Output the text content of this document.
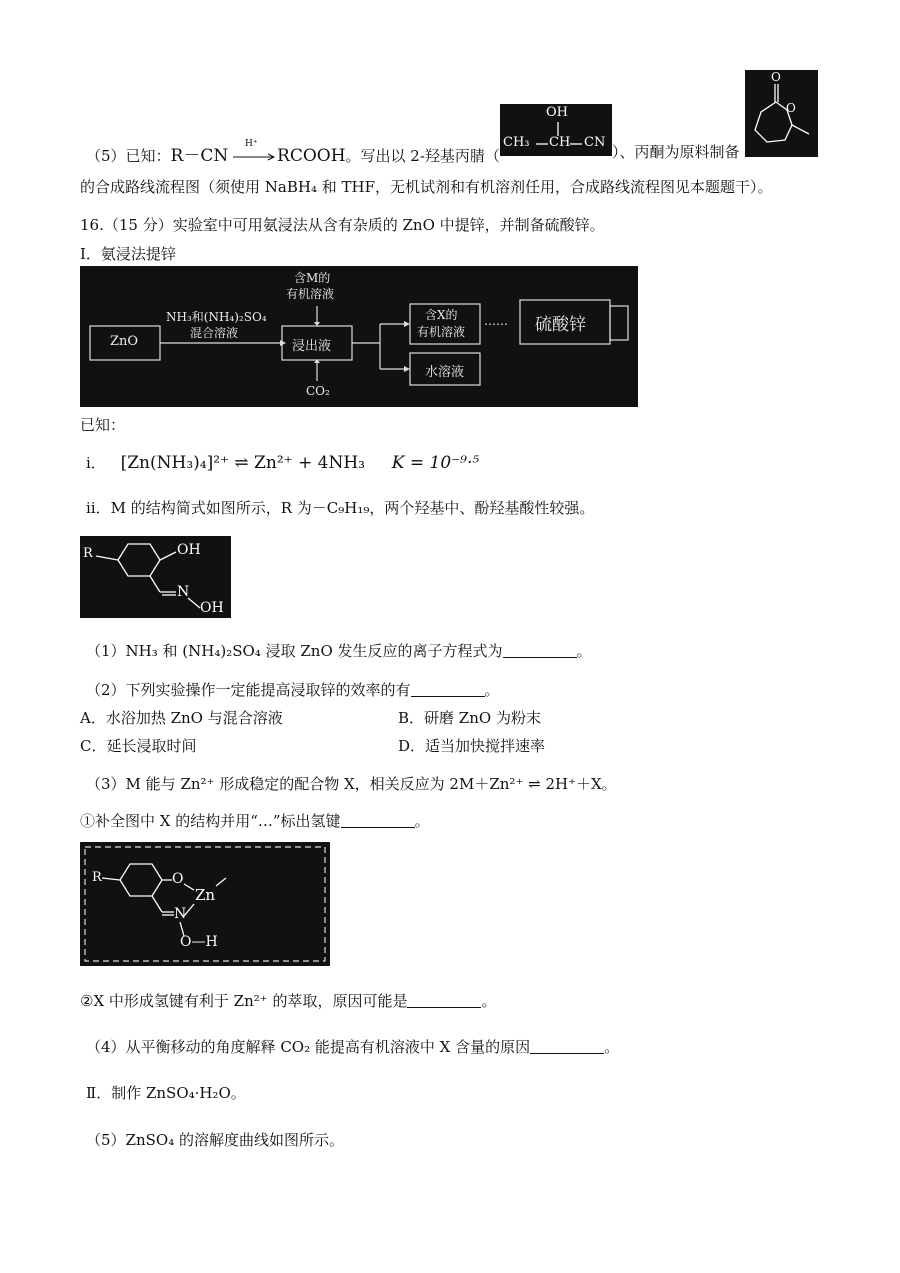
（5）已知：R－CN
H⁺
RCOOH。写出以 2-羟基丙腈（
OH
CH₃ CH CN
）、丙酮为原料制备
O
O
的合成路线流程图（须使用 NaBH₄ 和 THF，无机试剂和有机溶剂任用，合成路线流程图见本题题干）。
16.（15 分）实验室中可用氨浸法从含有杂质的 ZnO 中提锌，并制备硫酸锌。
Ⅰ．氨浸法提锌
ZnO
NH₃和(NH₄)₂SO₄
混合溶液
含M的
有机溶液
浸出液
CO₂
含X的
有机溶液
……
水溶液
硫酸锌
已知：
ⅰ． [Zn(NH₃)₄]²⁺ ⇌ Zn²⁺ + 4NH₃ K = 10⁻⁹·⁵
ⅱ．M 的结构简式如图所示，R 为－C₉H₁₉，两个羟基中、酚羟基酸性较强。
R	OH
N
OH
（1）NH₃ 和 (NH₄)₂SO₄ 浸取 ZnO 发生反应的离子方程式为	。
（2）下列实验操作一定能提高浸取锌的效率的有	。
A．水浴加热 ZnO 与混合溶液	B．研磨 ZnO 为粉末
C．延长浸取时间	D．适当加快搅拌速率
（3）M 能与 Zn²⁺ 形成稳定的配合物 X，相关反应为 2M＋Zn²⁺ ⇌ 2H⁺＋X。
①补全图中 X 的结构并用“…”标出氢键	。
R	O
Zn
N
O—H
②X 中形成氢键有利于 Zn²⁺ 的萃取，原因可能是	。
（4）从平衡移动的角度解释 CO₂ 能提高有机溶液中 X 含量的原因	。
Ⅱ．制作 ZnSO₄·H₂O。
（5）ZnSO₄ 的溶解度曲线如图所示。
